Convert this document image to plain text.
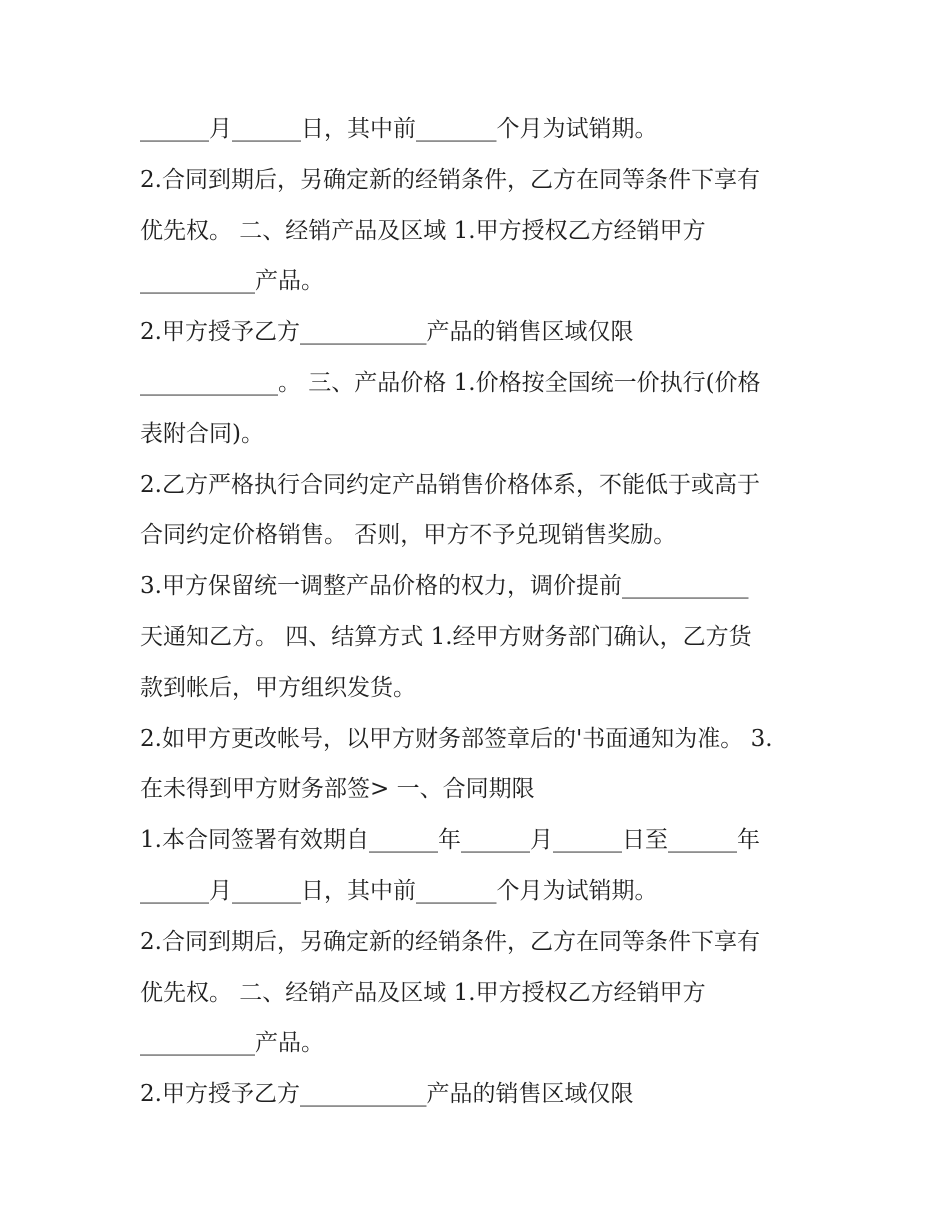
______月______日，其中前_______个月为试销期。
2.合同到期后，另确定新的经销条件，乙方在同等条件下享有
优先权。 二、经销产品及区域 1.甲方授权乙方经销甲方
__________产品。
2.甲方授予乙方___________产品的销售区域仅限
____________。 三、产品价格 1.价格按全国统一价执行(价格
表附合同)。
2.乙方严格执行合同约定产品销售价格体系，不能低于或高于
合同约定价格销售。 否则，甲方不予兑现销售奖励。
3.甲方保留统一调整产品价格的权力，调价提前___________
天通知乙方。 四、结算方式 1.经甲方财务部门确认，乙方货
款到帐后，甲方组织发货。
2.如甲方更改帐号，以甲方财务部签章后的'书面通知为准。 3.
在未得到甲方财务部签> 一、合同期限
1.本合同签署有效期自______年______月______日至______年
______月______日，其中前_______个月为试销期。
2.合同到期后，另确定新的经销条件，乙方在同等条件下享有
优先权。 二、经销产品及区域 1.甲方授权乙方经销甲方
__________产品。
2.甲方授予乙方___________产品的销售区域仅限
